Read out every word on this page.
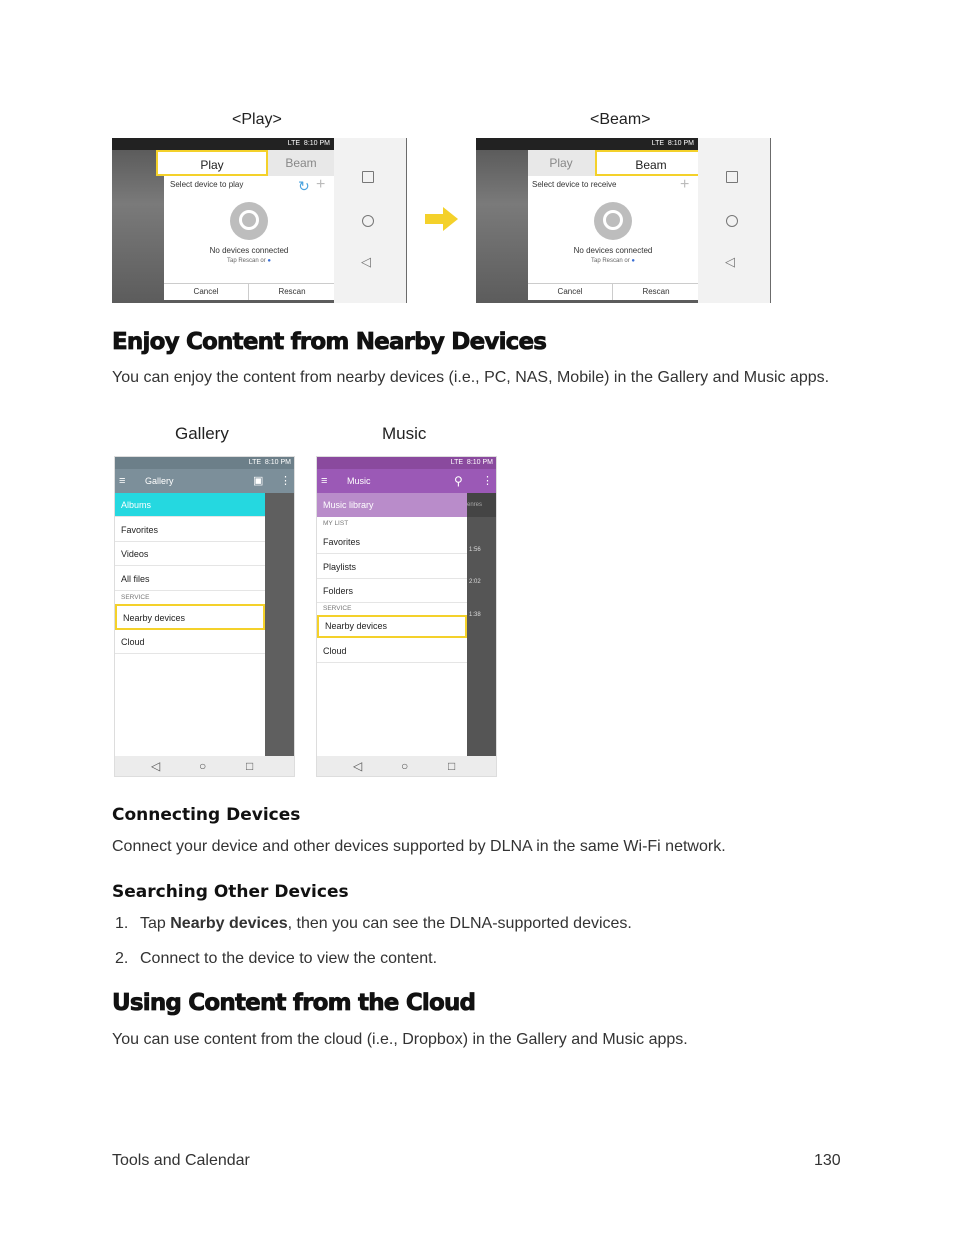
<Play>	<Beam>
LTE 8:10 PM
Play	Beam
Select device to play	↻ +
No devices connected
Tap Rescan or ●
Cancel	Rescan
◁
LTE 8:10 PM
Play	Beam
Select device to receive	+
No devices connected
Tap Rescan or ●
Cancel	Rescan
◁
Enjoy Content from Nearby Devices
You can enjoy the content from nearby devices (i.e., PC, NAS, Mobile) in the Gallery and Music apps.
Gallery	Music
LTE 8:10 PM
≡ Gallery	▣ ⋮
Albums
Favorites
Videos
All files
SERVICE
Nearby devices
Cloud
◁	○	□
LTE 8:10 PM
≡ Music	⚲ ⋮
enres
1:56
2:02
1:38
Music library
MY LIST
Favorites
Playlists
Folders
SERVICE
Nearby devices
Cloud
◁	○	□
Connecting Devices
Connect your device and other devices supported by DLNA in the same Wi-Fi network.
Searching Other Devices
1. Tap Nearby devices, then you can see the DLNA-supported devices.
2. Connect to the device to view the content.
Using Content from the Cloud
You can use content from the cloud (i.e., Dropbox) in the Gallery and Music apps.
Tools and Calendar	130
